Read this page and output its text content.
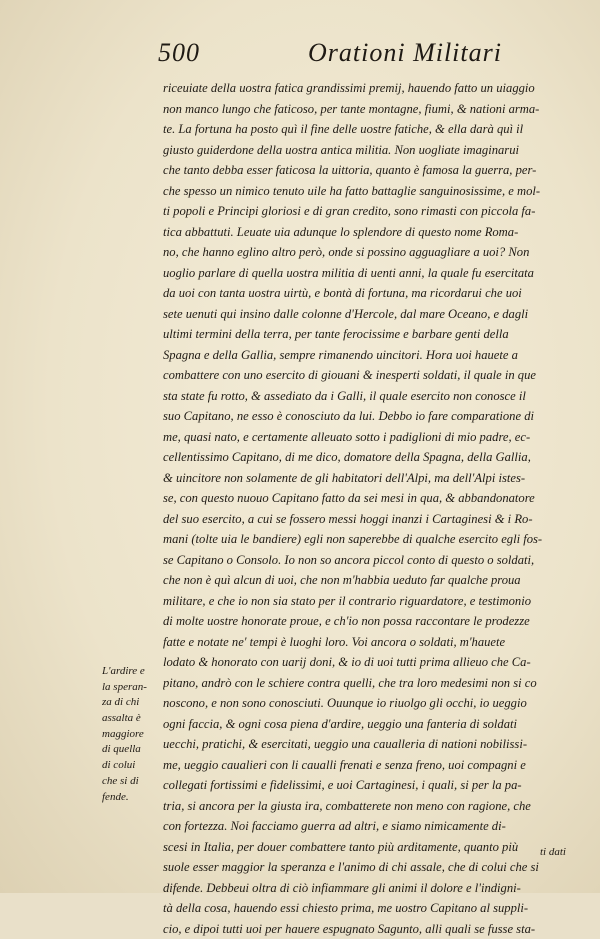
500	Orationi Militari
riceuiate della uostra fatica grandissimi premij, hauendo fatto un uiaggio
non manco lungo che faticoso, per tante montagne, fiumi, & nationi arma-
te. La fortuna ha posto quì il fine delle uostre fatiche, & ella darà quì il
giusto guiderdone della uostra antica militia. Non uogliate imaginarui
che tanto debba esser faticosa la uittoria, quanto è famosa la guerra, per-
che spesso un nimico tenuto uile ha fatto battaglie sanguinosissime, e mol-
ti popoli e Principi gloriosi e di gran credito, sono rimasti con piccola fa-
tica abbattuti. Leuate uia adunque lo splendore di questo nome Roma-
no, che hanno eglino altro però, onde si possino agguagliare a uoi? Non
uoglio parlare di quella uostra militia di uenti anni, la quale fu esercitata
da uoi con tanta uostra uirtù, e bontà di fortuna, ma ricordarui che uoi
sete uenuti qui insino dalle colonne d'Hercole, dal mare Oceano, e dagli
ultimi termini della terra, per tante ferocissime e barbare genti della
Spagna e della Gallia, sempre rimanendo uincitori. Hora uoi hauete a
combattere con uno esercito di giouani & inesperti soldati, il quale in que
sta state fu rotto, & assediato da i Galli, il quale esercito non conosce il
suo Capitano, ne esso è conosciuto da lui. Debbo io fare comparatione di
me, quasi nato, e certamente alleuato sotto i padiglioni di mio padre, ec-
cellentissimo Capitano, di me dico, domatore della Spagna, della Gallia,
& uincitore non solamente de gli habitatori dell'Alpi, ma dell'Alpi istes-
se, con questo nuouo Capitano fatto da sei mesi in qua, & abbandonatore
del suo esercito, a cui se fossero messi hoggi inanzi i Cartaginesi & i Ro-
mani (tolte uia le bandiere) egli non saperebbe di qualche esercito egli fos-
se Capitano o Consolo. Io non so ancora piccol conto di questo o soldati,
che non è quì alcun di uoi, che non m'habbia ueduto far qualche proua
militare, e che io non sia stato per il contrario riguardatore, e testimonio
di molte uostre honorate proue, e ch'io non possa raccontare le prodezze
fatte e notate ne' tempi è luoghi loro. Voi ancora o soldati, m'hauete
lodato & honorato con uarij doni, & io di uoi tutti prima allieuo che Ca-
pitano, andrò con le schiere contra quelli, che tra loro medesimi non si co
noscono, e non sono conosciuti. Ouunque io riuolgo gli occhi, io ueggio
ogni faccia, & ogni cosa piena d'ardire, ueggio una fanteria di soldati
uecchi, pratichi, & esercitati, ueggio una caualleria di nationi nobilissi-
me, ueggio caualieri con li caualli frenati e senza freno, uoi compagni e
collegati fortissimi e fidelissimi, e uoi Cartaginesi, i quali, si per la pa-
tria, si ancora per la giusta ira, combatterete non meno con ragione, che
con fortezza. Noi facciamo guerra ad altri, e siamo nimicamente di-
scesi in Italia, per douer combattere tanto più arditamente, quanto più
suole esser maggior la speranza e l'animo di chi assale, che di colui che si
difende. Debbeui oltra di ciò infiammare gli animi il dolore e l'indigni-
tà della cosa, hauendo essi chiesto prima, me uostro Capitano al suppli-
cio, e dipoi tutti uoi per hauere espugnato Sagunto, alli quali se fusse sta-
L'ardire e
la speran-
za di chi
assalta è
maggiore
di quella
di colui
che si di
fende.
ti dati
